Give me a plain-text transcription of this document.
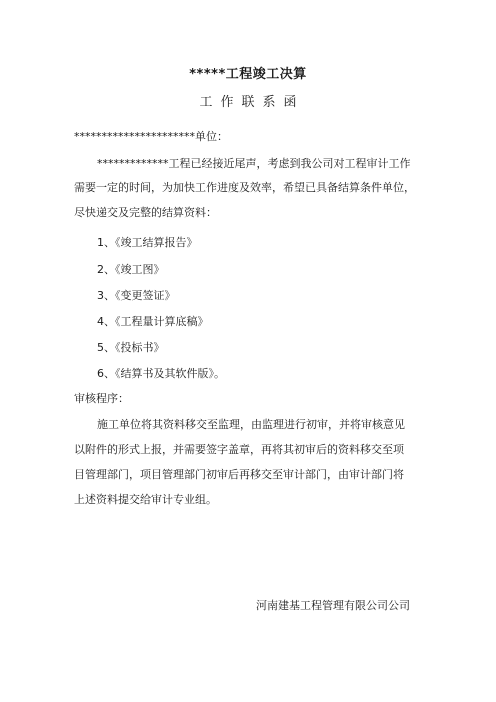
*****工程竣工决算
工作联系函
**********************单位：
*************工程已经接近尾声，考虑到我公司对工程审计工作
需要一定的时间，为加快工作进度及效率，希望已具备结算条件单位，
尽快递交及完整的结算资料：
1、《竣工结算报告》
2、《竣工图》
3、《变更签证》
4、《工程量计算底稿》
5、《投标书》
6、《结算书及其软件版》。
审核程序：
施工单位将其资料移交至监理，由监理进行初审，并将审核意见
以附件的形式上报，并需要签字盖章，再将其初审后的资料移交至项
目管理部门，项目管理部门初审后再移交至审计部门，由审计部门将
上述资料提交给审计专业组。
河南建基工程管理有限公司公司
